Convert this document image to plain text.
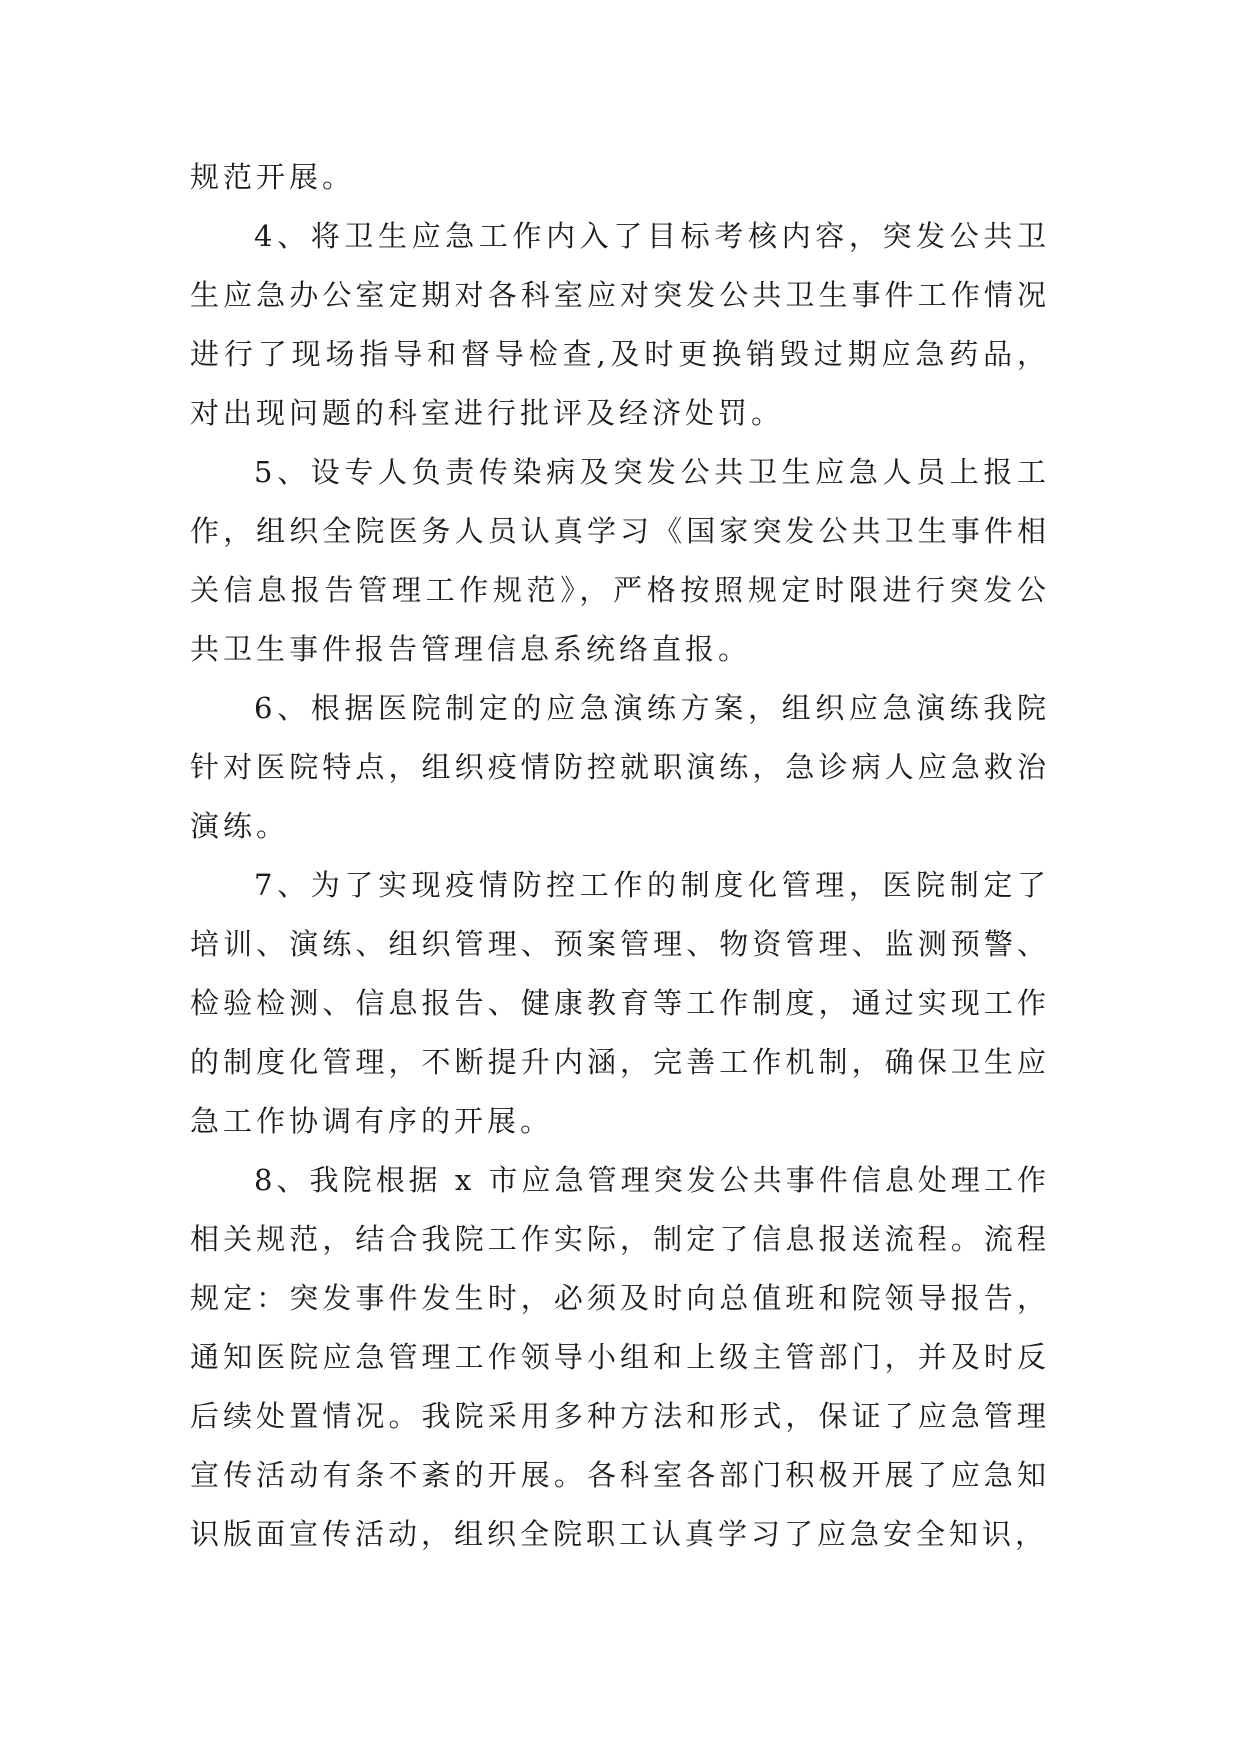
规范开展。

4、将卫生应急工作内入了目标考核内容，突发公共卫生应急办公室定期对各科室应对突发公共卫生事件工作情况进行了现场指导和督导检查,及时更换销毁过期应急药品，对出现问题的科室进行批评及经济处罚。

5、设专人负责传染病及突发公共卫生应急人员上报工作，组织全院医务人员认真学习《国家突发公共卫生事件相关信息报告管理工作规范》，严格按照规定时限进行突发公共卫生事件报告管理信息系统络直报。

6、根据医院制定的应急演练方案，组织应急演练我院针对医院特点，组织疫情防控就职演练，急诊病人应急救治演练。

7、为了实现疫情防控工作的制度化管理，医院制定了培训、演练、组织管理、预案管理、物资管理、监测预警、检验检测、信息报告、健康教育等工作制度，通过实现工作的制度化管理，不断提升内涵，完善工作机制，确保卫生应急工作协调有序的开展。

8、我院根据 x 市应急管理突发公共事件信息处理工作相关规范，结合我院工作实际，制定了信息报送流程。流程规定：突发事件发生时，必须及时向总值班和院领导报告，通知医院应急管理工作领导小组和上级主管部门，并及时反后续处置情况。我院采用多种方法和形式，保证了应急管理宣传活动有条不紊的开展。各科室各部门积极开展了应急知识版面宣传活动，组织全院职工认真学习了应急安全知识，
